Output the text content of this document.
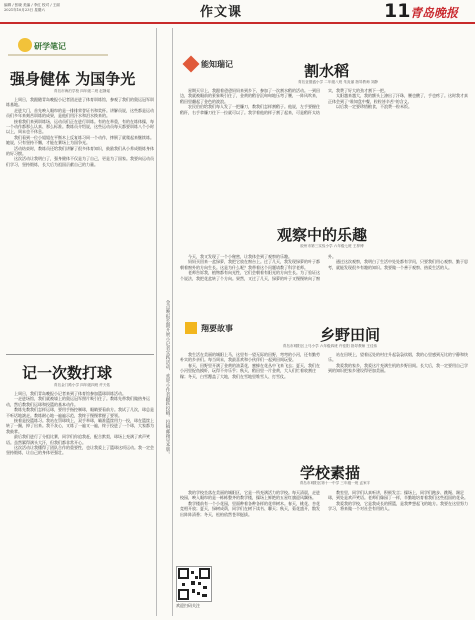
编辑 / 张晓 美编 / 李红 校对 / 王丽
2021年10月23日 星期六	作文课	11 青岛晚报
研学笔记
强身健体 为国争光
青岛市海泊学校 四年级二班 赵静瑶

上周日，我跟随青岛晚报小记者团走进了体育训练馆，参观了我们的奥运冠军训练基地。

走进大门，首先映入眼帘的是一排排荣誉证书和奖杯。讲解员说，这些都是运动员们多年来刻苦训练的成果，是他们用汗水和泪水换来的。

接着我们来到训练场，运动员们正在进行训练。有的在举重，有的在练体操，每一个动作都那么认真、那么标准。教练员介绍说，这些运动员每天都要训练八个小时以上，周末也不休息。

我们看到一位小姐姐在平衡木上反复练习同一个动作，摔倒了就爬起来继续练。她说，只有坚持不懈，才能在赛场上为国争光。

活动结束时，教练员还给我们讲解了很多体育知识，鼓励我们从小养成锻炼身体的好习惯。

这次活动让我明白了，强身健体不仅是为了自己，更是为了国家。我要向运动员们学习，坚持锻炼，长大后为祖国贡献自己的力量。

记一次数打球
青岛金门路小学 四年级四班 许天佑

上周日，我们青岛晚报小记者来到了体育馆参加篮球训练活动。

一走进场馆，我们就被墙上的奥运冠军照片吸引住了。教练先带我们做热身运动，然后教我们运球和投篮的基本动作。

教练先教我们怎样运球，要用手指控制球，眼睛要看前方。我试了几次，球总是不听话地滚走。教练耐心地一遍遍示范，我终于慢慢掌握了要领。

接着是投篮练习。我站在罚球线上，双手举球，瞄准篮筐用力一投，球在篮筐上转了一圈，掉了出来。我不灰心，又练了一遍又一遍，终于投进了一个球，大家都为我鼓掌。

最后我们进行了分组比赛，同学们你追我赶，配合默契，球场上充满了欢声笑语。虽然累得满头大汗，但我们都非常开心。

这次活动让我懂得了团队合作的重要性，也让我爱上了篮球这项运动。我一定会坚持锻炼，让自己的身体更强壮。	金点晚报长期开展小记者实践活动，欢迎小作者踊跃投稿。投稿邮箱见本版。
欢迎扫码关注
能知瑞记	割水稻
青岛亚德盛小学 二年级八班 朱炎丽 指导教师 刘静

星期天早上，我跟着爸爸妈妈来到乡下，参加了一次割水稻的活动。一到田边，我就被眼前的景象吸引住了，金黄的稻谷沉甸甸地压弯了腰，一阵风吹来，稻田里翻起了金色的波浪。

农民伯伯给我们每人发了一把镰刀，教我们怎样割稻子。他说，左手要握住稻秆，右手拿镰刀往下一拉就可以了。我学着他的样子割了起来，可是稻秆太结实，我费了好大的劲才割下一把。

太阳越来越大，我的额头上渗出了汗珠，腰也酸了，手也疼了。这时我才真正体会到了"谁知盘中餐，粒粒皆辛苦"的含义。

以后我一定要珍惜粮食，不浪费一粒米饭。

观察中的乐趣
胶州市第三实验小学 六年级七班 王梓博

今天，我又发现了一个小秘密，让我体会到了观察的乐趣。

妈妈买回来一盆绿萝，我把它放在窗台上。过了几天，我发现绿萝的叶子都朝着窗外的方向生长。这是为什么呢？我带着这个问题请教了科学老师。

老师告诉我，植物都有向光性，它们会朝着有阳光的方向生长。为了验证这个说法，我把花盆转了个方向。果然，又过了几天，绿萝的叶子又慢慢转向了窗外。

通过这次观察，我明白了生活中处处都有学问，只要我们用心观察、勤于思考，就能发现很多有趣的知识。我要做一个善于观察、热爱生活的人。

翔要故事	乡野田间
青岛市城阳区上马小学 六年级四班 许佳阳 指导教师 王佳伟

我生活在美丽的城阳上马，这里有一望无际的田野，弯弯的小河，还有勤劳朴实的乡亲们。每当周末，我最喜欢和小伙伴们一起到田间玩耍。

春天，田野里开满了金黄的油菜花，蜜蜂在花丛中飞来飞去；夏天，我们在小河里捉鱼摸虾，玩得不亦乐乎；秋天，稻田里一片金黄，大人们忙着收割庄稼；冬天，白雪覆盖了大地，我们在雪地里堆雪人、打雪仗。

站在田埂上，望着远处的村庄升起袅袅炊烟，我的心里感到无比的宁静和快乐。

我爱我的家乡，我爱这片充满生机的乡野田间。长大后，我一定要用自己学到的知识把家乡建设得更加美丽。

学校素描
青岛市城阳区第十一中学 三年级一班 孟家宇

我的学校坐落在美丽的城阳区，它是一所充满活力的学校。每天清晨，走进校园，映入眼帘的是一栋栋整齐的教学楼，操场上鲜艳的五星红旗迎风飘扬。

教学楼前有一个小花园，里面种着各种各样的花草树木。春天，桃花、杏花竞相开放；夏天，绿树成荫，同学们在树下读书、聊天；秋天，菊花盛开，散发出阵阵清香；冬天，松柏依然苍翠挺拔。

教室里，同学们认真听讲，积极发言；操场上，同学们跑步、跳绳、踢足球，到处是欢声笑语。老师们像园丁一样，辛勤地培育着我们这些祖国的花朵。

我爱我的学校，它是我成长的摇篮，是我梦想起飞的地方。我要在这里努力学习，将来做一个对社会有用的人。
